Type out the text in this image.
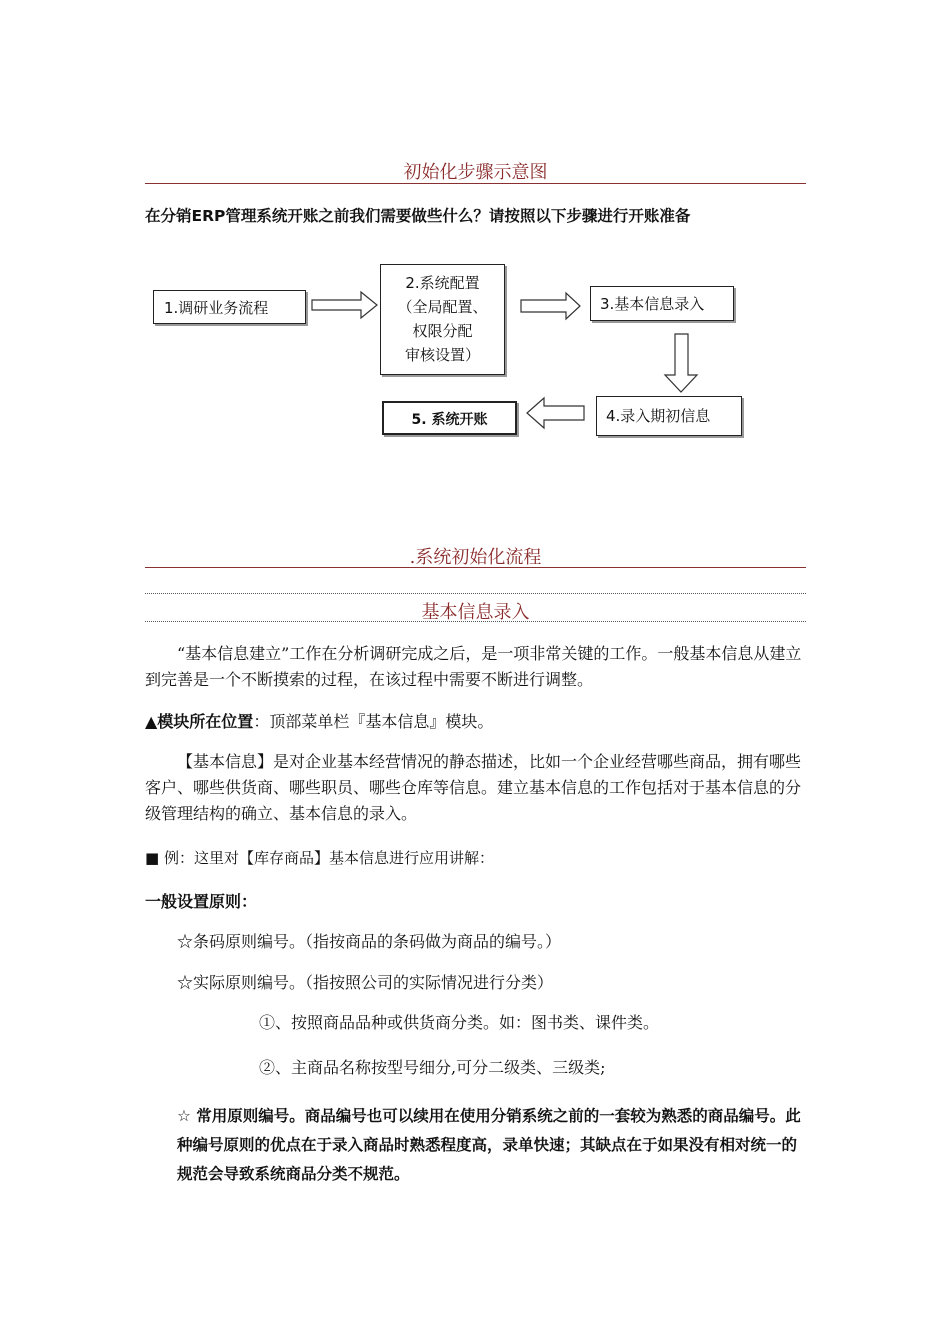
初始化步骤示意图
在分销ERP管理系统开账之前我们需要做些什么？请按照以下步骤进行开账准备
1.调研业务流程
2.系统配置
（全局配置、
权限分配
审核设置）
3.基本信息录入
4.录入期初信息
5. 系统开账
.系统初始化流程
基本信息录入
“基本信息建立”工作在分析调研完成之后，是一项非常关键的工作。一般基本信息从建立到完善是一个不断摸索的过程，在该过程中需要不断进行调整。
▲模块所在位置：顶部菜单栏『基本信息』模块。
【基本信息】是对企业基本经营情况的静态描述，比如一个企业经营哪些商品，拥有哪些客户、哪些供货商、哪些职员、哪些仓库等信息。建立基本信息的工作包括对于基本信息的分级管理结构的确立、基本信息的录入。
■ 例：这里对【库存商品】基本信息进行应用讲解：
一般设置原则：
☆条码原则编号。（指按商品的条码做为商品的编号。）
☆实际原则编号。（指按照公司的实际情况进行分类）
①、按照商品品种或供货商分类。如：图书类、课件类。
②、主商品名称按型号细分,可分二级类、三级类;
☆ 常用原则编号。商品编号也可以续用在使用分销系统之前的一套较为熟悉的商品编号。此种编号原则的优点在于录入商品时熟悉程度高，录单快速；其缺点在于如果没有相对统一的规范会导致系统商品分类不规范。
